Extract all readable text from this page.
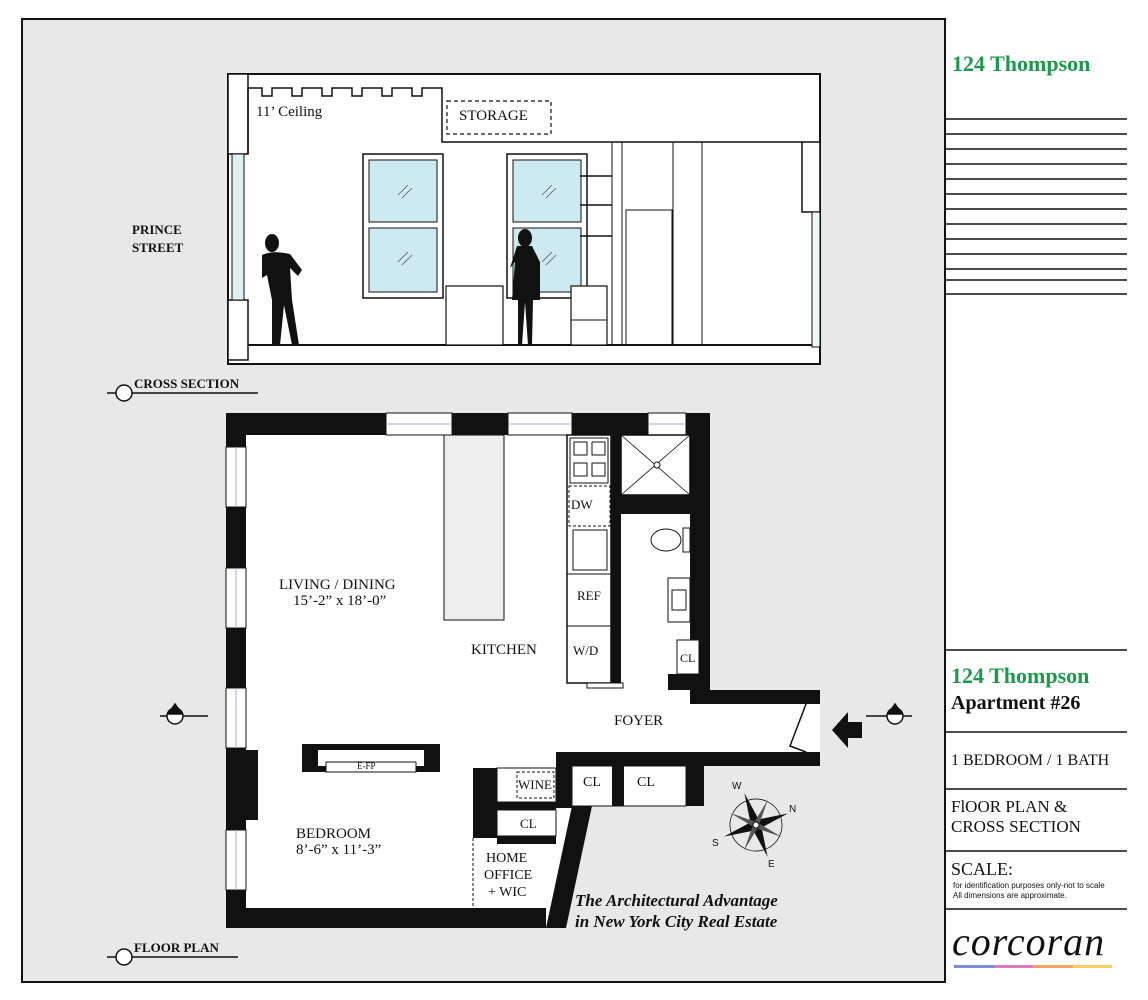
11’ Ceiling	STORAGE
PRINCE
STREET
CROSS SECTION
LIVING / DINING
15’-2” x 18’-0”
KITCHEN
FOYER
BEDROOM
8’-6” x 11’-3”
HOME
OFFICE
+ WIC
FLOOR PLAN
DW
REF
W/D	CL
WINE
CL
CL	CL
E-FP
W
N
S
E
The Architectural Advantage
in New York City Real Estate
124 Thompson
124 Thompson
Apartment #26
1 BEDROOM / 1 BATH
FlOOR PLAN &
CROSS SECTION
SCALE:
for identification purposes only-not to scale
All dimensions are approximate.
corcoran
